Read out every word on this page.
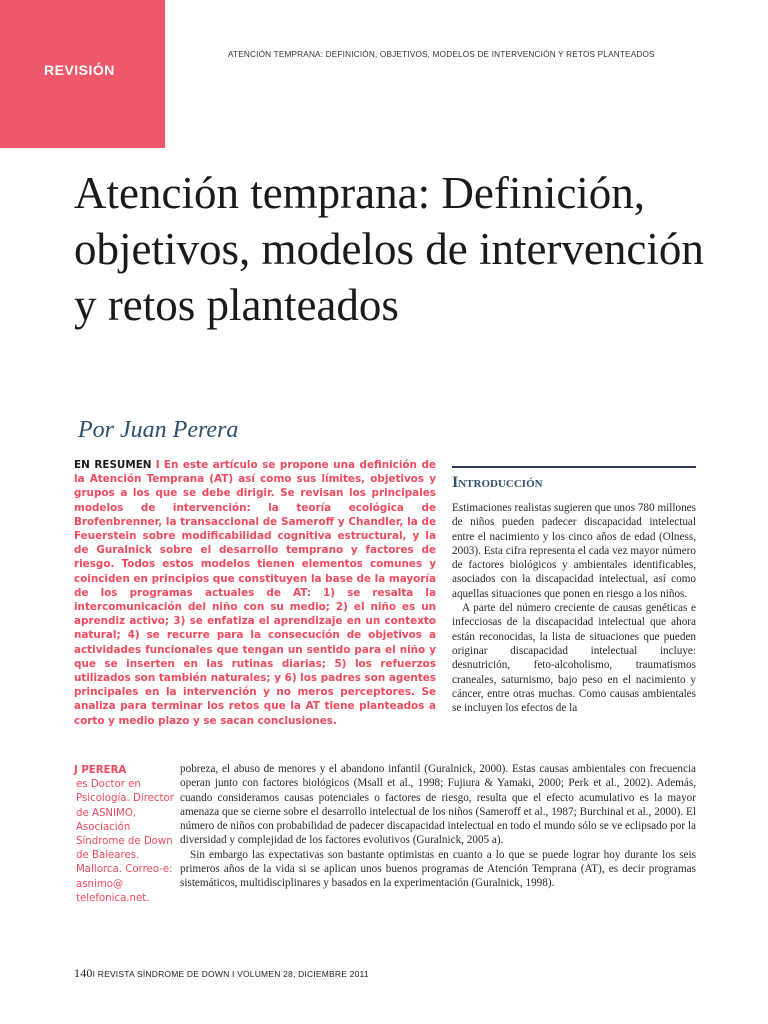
REVISIÓN
ATENCIÓN TEMPRANA: DEFINICIÓN, OBJETIVOS, MODELOS DE INTERVENCIÓN Y RETOS PLANTEADOS
Atención temprana: Definición, objetivos, modelos de intervención y retos planteados
Por Juan Perera

EN RESUMEN I En este artículo se propone una definición de la Atención Temprana (AT) así como sus límites, objetivos y grupos a los que se debe dirigir. Se revisan los principales modelos de intervención: la teoría ecológica de Brofenbrenner, la transaccional de Sameroff y Chandler, la de Feuerstein sobre modificabilidad cognitiva estructural, y la de Guralnick sobre el desarrollo temprano y factores de riesgo. Todos estos modelos tienen elementos comunes y coinciden en principios que constituyen la base de la mayoría de los programas actuales de AT: 1) se resalta la intercomunicación del niño con su medio; 2) el niño es un aprendiz activo; 3) se enfatiza el aprendizaje en un contexto natural; 4) se recurre para la consecución de objetivos a actividades funcionales que tengan un sentido para el niño y que se inserten en las rutinas diarias; 5) los refuerzos utilizados son también naturales; y 6) los padres son agentes principales en la intervención y no meros perceptores. Se analiza para terminar los retos que la AT tiene planteados a corto y medio plazo y se sacan conclusiones.

J PERERA
es Doctor en Psicología. Director de ASNIMO, Asociación Síndrome de Down de Baleares. Mallorca. Correo-e: asnimo@ telefonica.net.
Introducción

Estimaciones realistas sugieren que unos 780 millones de niños pueden padecer discapacidad intelectual entre el nacimiento y los cinco años de edad (Olness, 2003). Esta cifra representa el cada vez mayor número de factores biológicos y ambientales identificables, asociados con la discapacidad intelectual, así como aquellas situaciones que ponen en riesgo a los niños.

A parte del número creciente de causas genéticas e infecciosas de la discapacidad intelectual que ahora están reconocidas, la lista de situaciones que pueden originar discapacidad intelectual incluye: desnutrición, feto-alcoholismo, traumatismos craneales, saturnismo, bajo peso en el nacimiento y cáncer, entre otras muchas. Como causas ambientales se incluyen los efectos de la

pobreza, el abuso de menores y el abandono infantil (Guralnick, 2000). Estas causas ambientales con frecuencia operan junto con factores biológicos (Msall et al., 1998; Fujiura & Yamaki, 2000; Perk et al., 2002). Además, cuando consideramos causas potenciales o factores de riesgo, resulta que el efecto acumulativo es la mayor amenaza que se cierne sobre el desarrollo intelectual de los niños (Sameroff et al., 1987; Burchinal et al., 2000). El número de niños con probabilidad de padecer discapacidad intelectual en todo el mundo sólo se ve eclipsado por la diversidad y complejidad de los factores evolutivos (Guralnick, 2005 a).

Sin embargo las expectativas son bastante optimistas en cuanto a lo que se puede lograr hoy durante los seis primeros años de la vida si se aplican unos buenos programas de Atención Temprana (AT), es decir programas sistemáticos, multidisciplinares y basados en la experimentación (Guralnick, 1998).

140I REVISTA SÍNDROME DE DOWN I VOLUMEN 28, DICIEMBRE 2011
